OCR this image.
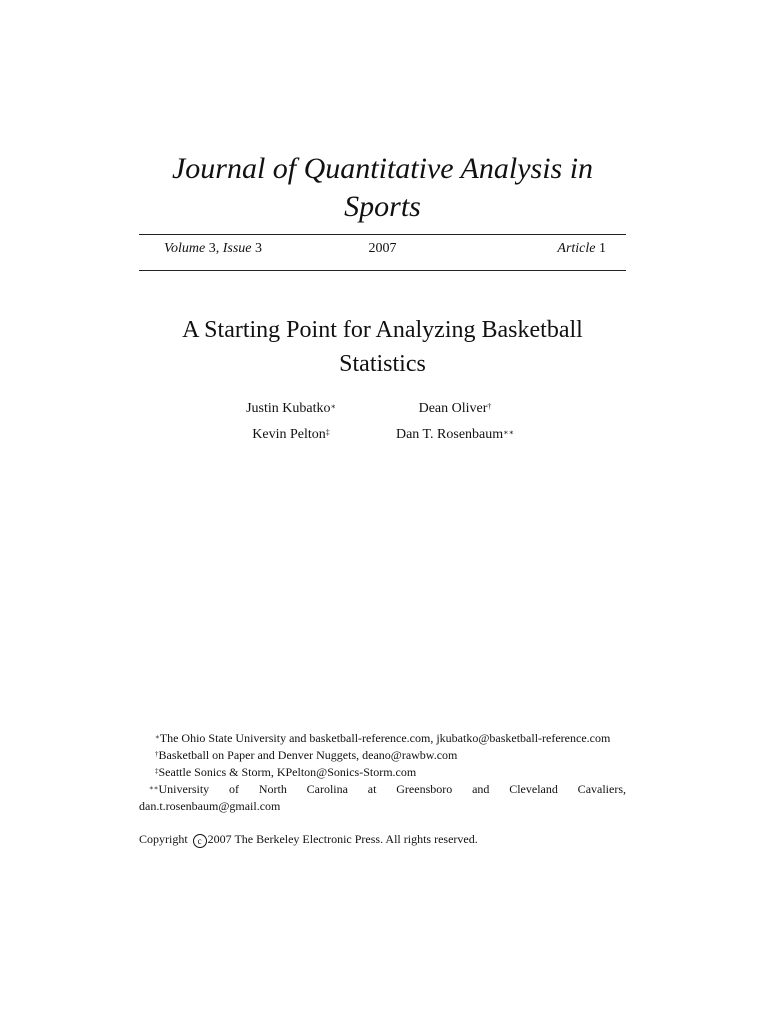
Journal of Quantitative Analysis in Sports
Volume 3, Issue 3	2007	Article 1
A Starting Point for Analyzing Basketball Statistics
Justin Kubatko∗	Dean Oliver†
Kevin Pelton‡	Dan T. Rosenbaum∗∗

∗The Ohio State University and basketball-reference.com, jkubatko@basketball-reference.com

†Basketball on Paper and Denver Nuggets, deano@rawbw.com

‡Seattle Sonics & Storm, KPelton@Sonics-Storm.com

∗∗University of North Carolina at Greensboro and Cleveland Cavaliers, dan.t.rosenbaum@gmail.com

Copyright c 2007 The Berkeley Electronic Press. All rights reserved.
